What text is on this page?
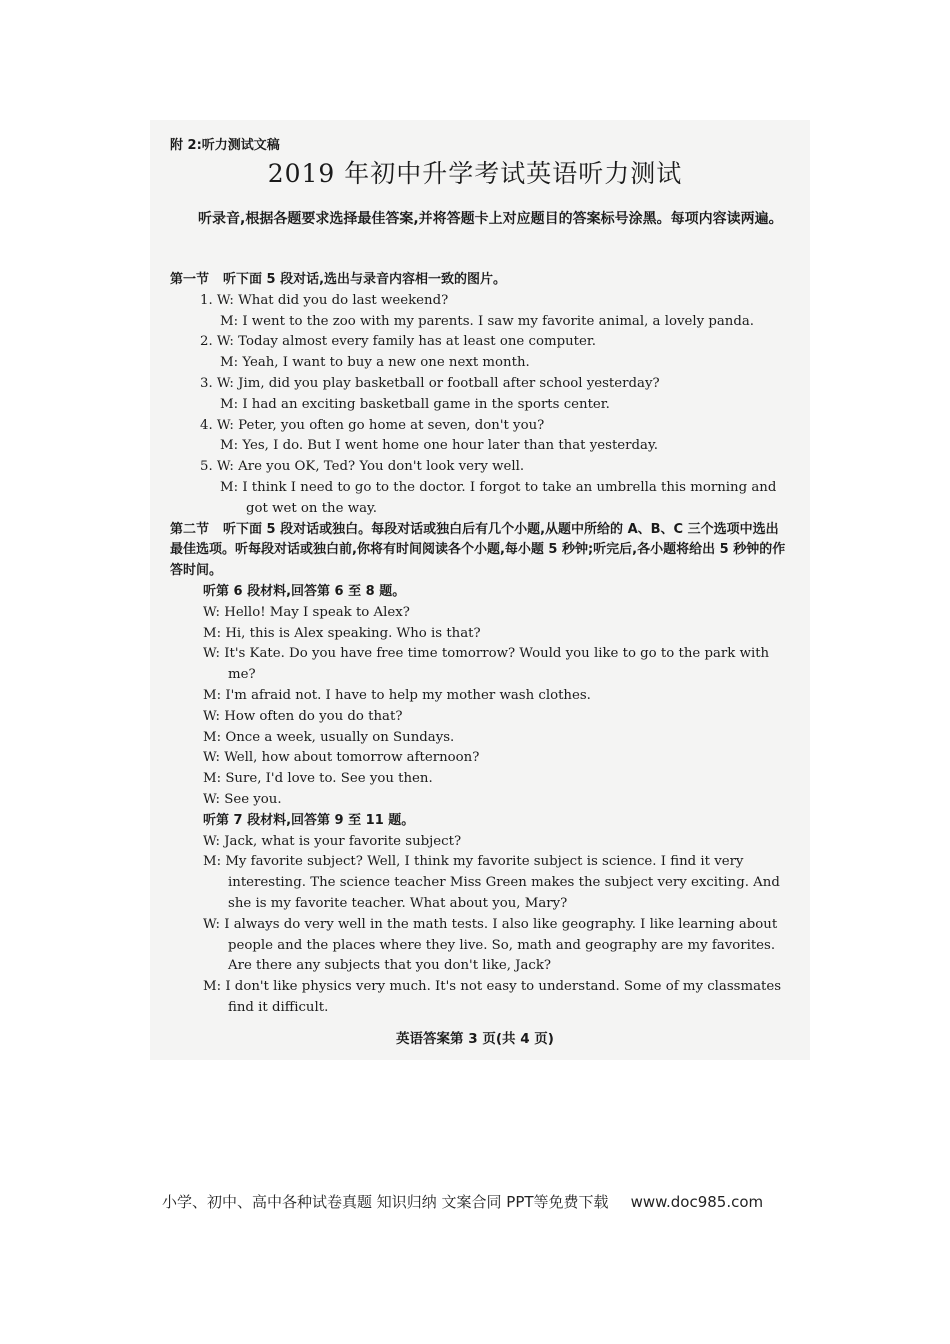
附 2:听力测试文稿
2019 年初中升学考试英语听力测试
听录音,根据各题要求选择最佳答案,并将答题卡上对应题目的答案标号涂黑。每项内容读两遍。
第一节 听下面 5 段对话,选出与录音内容相一致的图片。
1. W: What did you do last weekend?
M: I went to the zoo with my parents. I saw my favorite animal, a lovely panda.
2. W: Today almost every family has at least one computer.
M: Yeah, I want to buy a new one next month.
3. W: Jim, did you play basketball or football after school yesterday?
M: I had an exciting basketball game in the sports center.
4. W: Peter, you often go home at seven, don't you?
M: Yes, I do. But I went home one hour later than that yesterday.
5. W: Are you OK, Ted? You don't look very well.
M: I think I need to go to the doctor. I forgot to take an umbrella this morning and got wet on the way.
第二节 听下面 5 段对话或独白。每段对话或独白后有几个小题,从题中所给的 A、B、C 三个选项中选出最佳选项。听每段对话或独白前,你将有时间阅读各个小题,每小题 5 秒钟;听完后,各小题将给出 5 秒钟的作答时间。
听第 6 段材料,回答第 6 至 8 题。
W: Hello! May I speak to Alex?
M: Hi, this is Alex speaking. Who is that?
W: It's Kate. Do you have free time tomorrow? Would you like to go to the park with me?
M: I'm afraid not. I have to help my mother wash clothes.
W: How often do you do that?
M: Once a week, usually on Sundays.
W: Well, how about tomorrow afternoon?
M: Sure, I'd love to. See you then.
W: See you.
听第 7 段材料,回答第 9 至 11 题。
W: Jack, what is your favorite subject?
M: My favorite subject? Well, I think my favorite subject is science. I find it very interesting. The science teacher Miss Green makes the subject very exciting. And she is my favorite teacher. What about you, Mary?
W: I always do very well in the math tests. I also like geography. I like learning about people and the places where they live. So, math and geography are my favorites. Are there any subjects that you don't like, Jack?
M: I don't like physics very much. It's not easy to understand. Some of my classmates find it difficult.
英语答案第 3 页(共 4 页)
小学、初中、高中各种试卷真题 知识归纳 文案合同 PPT等免费下载 www.doc985.com
